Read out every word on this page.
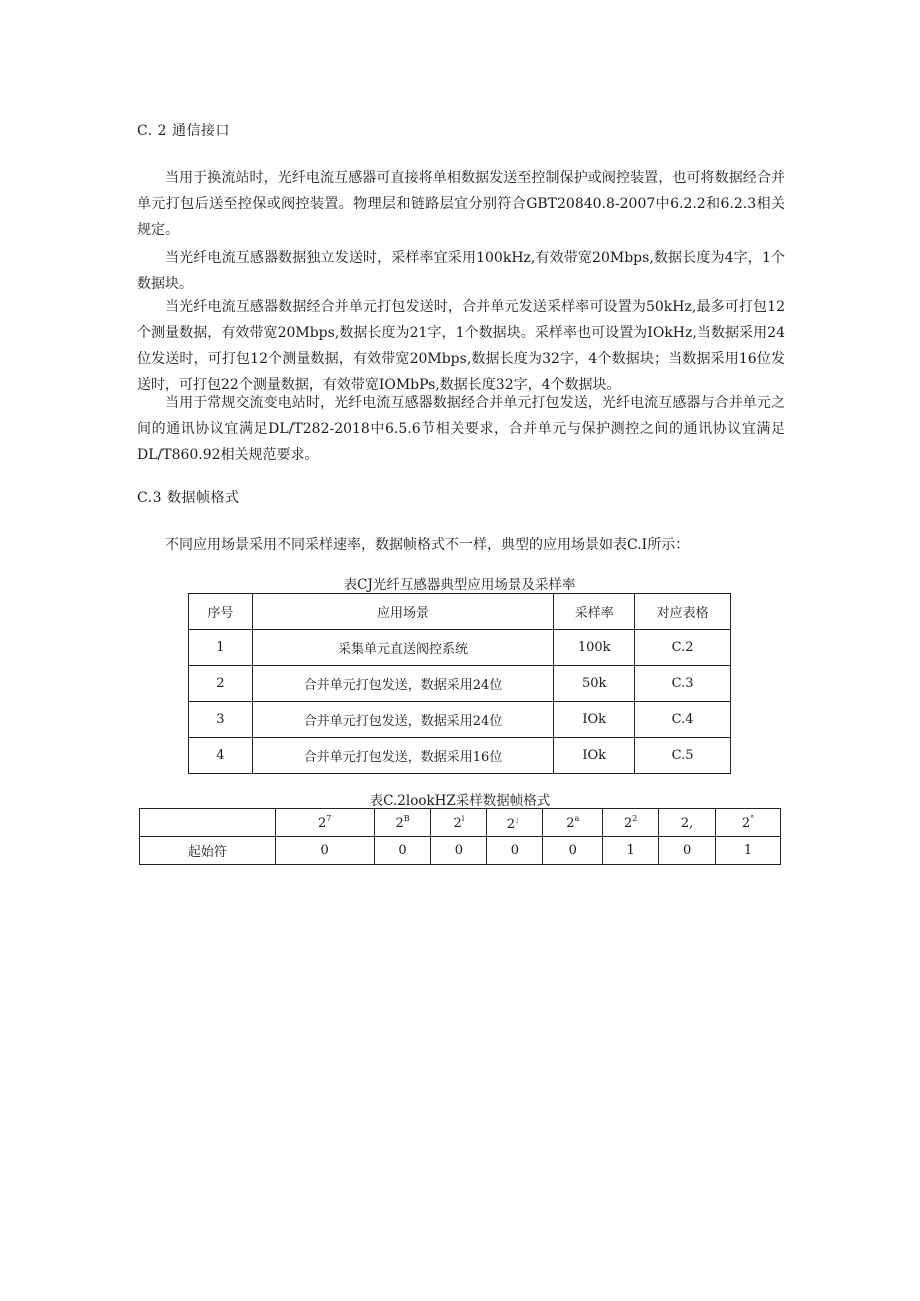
C. 2 通信接口

当用于换流站时，光纤电流互感器可直接将单相数据发送至控制保护或阀控装置，也可将数据经合并单元打包后送至控保或阀控装置。物理层和链路层宜分别符合GBT20840.8-2007中6.2.2和6.2.3相关规定。

当光纤电流互感器数据独立发送时，采样率宜采用100kHz,有效带宽20Mbps,数据长度为4字，1个数据块。

当光纤电流互感器数据经合并单元打包发送时，合并单元发送采样率可设置为50kHz,最多可打包12个测量数据，有效带宽20Mbps,数据长度为21字，1个数据块。采样率也可设置为IOkHz,当数据采用24位发送时，可打包12个测量数据，有效带宽20Mbps,数据长度为32字，4个数据块；当数据采用16位发送时，可打包22个测量数据，有效带宽IOMbPs,数据长度32字，4个数据块。

当用于常规交流变电站时，光纤电流互感器数据经合并单元打包发送，光纤电流互感器与合并单元之间的通讯协议宜满足DL/T282-2018中6.5.6节相关要求，合并单元与保护测控之间的通讯协议宜满足DL/T860.92相关规范要求。

C.3 数据帧格式

不同应用场景采用不同采样速率，数据帧格式不一样，典型的应用场景如表C.I所示：

表CJ光纤互感器典型应用场景及采样率
序号	应用场景	采样率	对应表格
1	采集单元直送阀控系统	100k	C.2
2	合并单元打包发送，数据采用24位	50k	C.3
3	合并单元打包发送，数据采用24位	IOk	C.4
4	合并单元打包发送，数据采用16位	IOk	C.5
表C.2lookHZ采样数据帧格式
	$2^7$	$2^B$	2$^i$	2」	2$^a$	$2^2$	2,	2°
起始符	0	0	0	0	0	1	0	1
